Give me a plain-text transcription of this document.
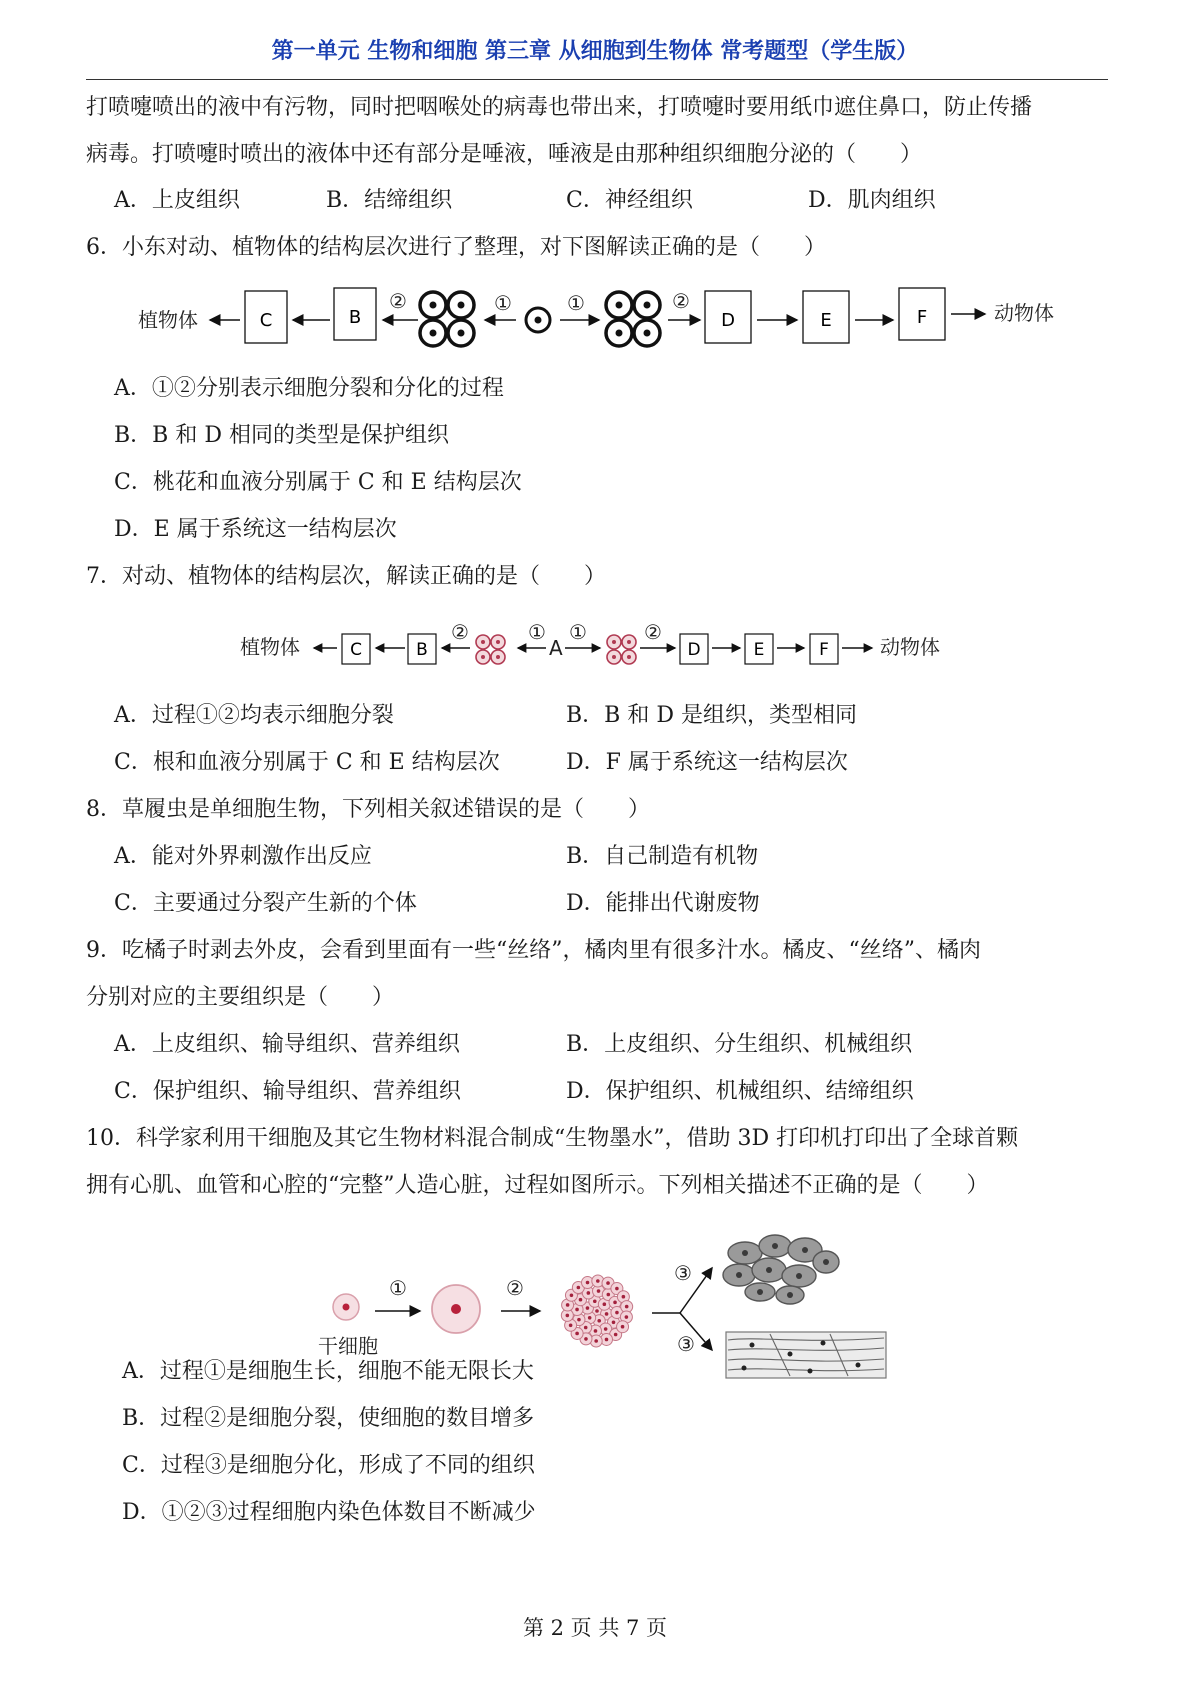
第一单元 生物和细胞 第三章 从细胞到生物体 常考题型（学生版）
打喷嚏喷出的液中有污物，同时把咽喉处的病毒也带出来，打喷嚏时要用纸巾遮住鼻口，防止传播
病毒。打喷嚏时喷出的液体中还有部分是唾液，唾液是由那种组织细胞分泌的（　　）
A．上皮组织	B．结缔组织	C．神经组织	D．肌肉组织
6．小东对动、植物体的结构层次进行了整理，对下图解读正确的是（　　）
植物体	C	B
②	①	①	②
D	E	F	动物体
A．①②分别表示细胞分裂和分化的过程
B．B 和 D 相同的类型是保护组织
C．桃花和血液分别属于 C 和 E 结构层次
D．E 属于系统这一结构层次
7．对动、植物体的结构层次，解读正确的是（　　）
植物体	C	B
②	①
A
①	②
D	E	F	动物体
A．过程①②均表示细胞分裂	B．B 和 D 是组织，类型相同
C．根和血液分别属于 C 和 E 结构层次	D．F 属于系统这一结构层次
8．草履虫是单细胞生物，下列相关叙述错误的是（　　）
A．能对外界刺激作出反应	B．自己制造有机物
C．主要通过分裂产生新的个体	D．能排出代谢废物
9．吃橘子时剥去外皮，会看到里面有一些“丝络”，橘肉里有很多汁水。橘皮、“丝络”、橘肉
分别对应的主要组织是（　　）
A．上皮组织、输导组织、营养组织	B．上皮组织、分生组织、机械组织
C．保护组织、输导组织、营养组织	D．保护组织、机械组织、结缔组织
10．科学家利用干细胞及其它生物材料混合制成“生物墨水”，借助 3D 打印机打印出了全球首颗
拥有心肌、血管和心腔的“完整”人造心脏，过程如图所示。下列相关描述不正确的是（　　）
干细胞
①	②
③
③
A．过程①是细胞生长，细胞不能无限长大
B．过程②是细胞分裂，使细胞的数目增多
C．过程③是细胞分化，形成了不同的组织
D．①②③过程细胞内染色体数目不断减少
第 2 页 共 7 页
